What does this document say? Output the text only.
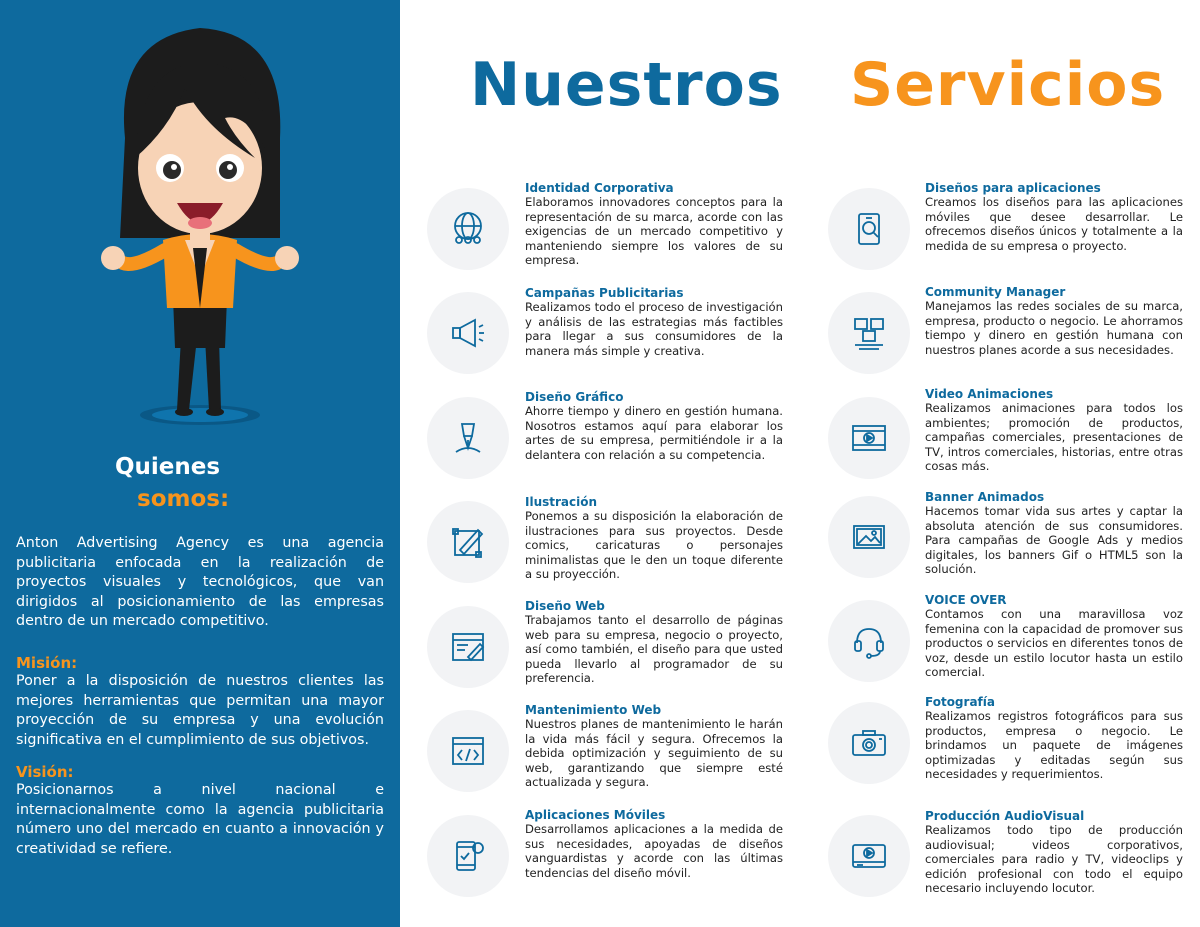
Quienes
somos:
Anton Advertising Agency es una agencia publicitaria enfocada en la realización de proyectos visuales y tecnológicos, que van dirigidos al posicionamiento de las empresas dentro de un mercado competitivo.
Misión:
Poner a la disposición de nuestros clientes las mejores herramientas que permitan una mayor proyección de su empresa y una evolución significativa en el cumplimiento de sus objetivos.
Visión:
Posicionarnos a nivel nacional e internacionalmente como la agencia publicitaria número uno del mercado en cuanto a innovación y creatividad se refiere.
Nuestros Servicios
Identidad Corporativa
Elaboramos innovadores conceptos para la representación de su marca, acorde con las exigencias de un mercado competitivo y manteniendo siempre los valores de su empresa.
Campañas Publicitarias
Realizamos todo el proceso de investigación y análisis de las estrategias más factibles para llegar a sus consumidores de la manera más simple y creativa.
Diseño Gráfico
Ahorre tiempo y dinero en gestión humana. Nosotros estamos aquí para elaborar los artes de su empresa, permitiéndole ir a la delantera con relación a su competencia.
Ilustración
Ponemos a su disposición la elaboración de ilustraciones para sus proyectos. Desde comics, caricaturas o personajes minimalistas que le den un toque diferente a su proyección.
Diseño Web
Trabajamos tanto el desarrollo de páginas web para su empresa, negocio o proyecto, así como también, el diseño para que usted pueda llevarlo al programador de su preferencia.
Mantenimiento Web
Nuestros planes de mantenimiento le harán la vida más fácil y segura. Ofrecemos la debida optimización y seguimiento de su web, garantizando que siempre esté actualizada y segura.
Aplicaciones Móviles
Desarrollamos aplicaciones a la medida de sus necesidades, apoyadas de diseños vanguardistas y acorde con las últimas tendencias del diseño móvil.
Diseños para aplicaciones
Creamos los diseños para las aplicaciones móviles que desee desarrollar. Le ofrecemos diseños únicos y totalmente a la medida de su empresa o proyecto.
Community Manager
Manejamos las redes sociales de su marca, empresa, producto o negocio. Le ahorramos tiempo y dinero en gestión humana con nuestros planes acorde a sus necesidades.
Video Animaciones
Realizamos animaciones para todos los ambientes; promoción de productos, campañas comerciales, presentaciones de TV, intros comerciales, historias, entre otras cosas más.
Banner Animados
Hacemos tomar vida sus artes y captar la absoluta atención de sus consumidores. Para campañas de Google Ads y medios digitales, los banners Gif o HTML5 son la solución.
VOICE OVER
Contamos con una maravillosa voz femenina con la capacidad de promover sus productos o servicios en diferentes tonos de voz, desde un estilo locutor hasta un estilo comercial.
Fotografía
Realizamos registros fotográficos para sus productos, empresa o negocio. Le brindamos un paquete de imágenes optimizadas y editadas según sus necesidades y requerimientos.
Producción AudioVisual
Realizamos todo tipo de producción audiovisual; videos corporativos, comerciales para radio y TV, videoclips y edición profesional con todo el equipo necesario incluyendo locutor.
